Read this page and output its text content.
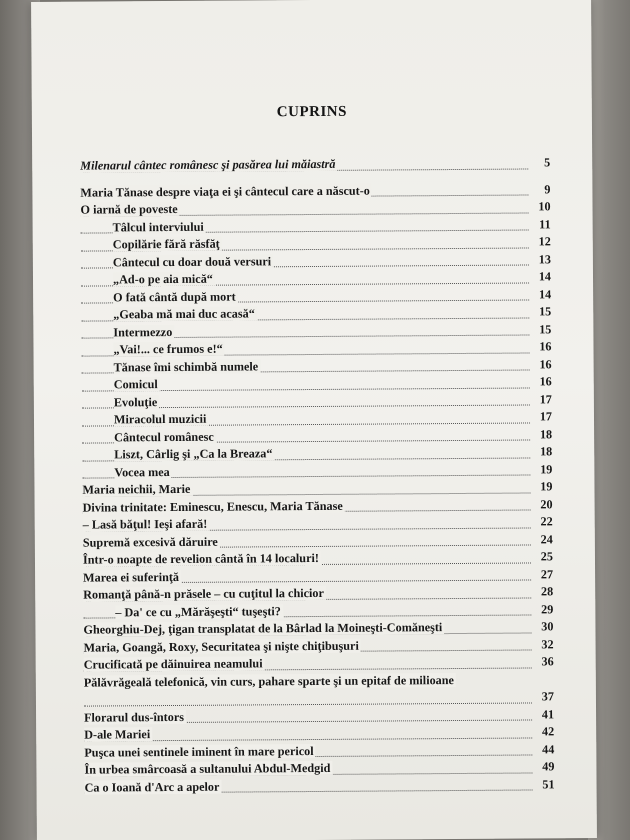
CUPRINS
Milenarul cântec românesc şi pasărea lui măiastră	5
Maria Tănase despre viaţa ei şi cântecul care a născut-o	9
O iarnă de poveste	10
Tâlcul interviului	11
Copilărie fără răsfăţ	12
Cântecul cu doar două versuri	13
„Ad-o pe aia mică“	14
O fată cântă după mort	14
„Geaba mă mai duc acasă“	15
Intermezzo	15
„Vai!... ce frumos e!“	16
Tănase îmi schimbă numele	16
Comicul	16
Evoluţie	17
Miracolul muzicii	17
Cântecul românesc	18
Liszt, Cârlig şi „Ca la Breaza“	18
Vocea mea	19
Maria neichii, Marie	19
Divina trinitate: Eminescu, Enescu, Maria Tănase	20
– Lasă băţul! Ieşi afară!	22
Supremă excesivă dăruire	24
Într-o noapte de revelion cântă în 14 localuri!	25
Marea ei suferinţă	27
Romanţă până-n prăsele – cu cuţitul la chicior	28
– Da' ce cu „Mărăşeşti“ tuşeşti?	29
Gheorghiu-Dej, ţigan transplatat de la Bârlad la Moineşti-Comăneşti	30
Maria, Goangă, Roxy, Securitatea şi nişte chiţibuşuri	32
Crucificată pe dăinuirea neamului	36
Pălăvrăgeală telefonică, vin curs, pahare sparte şi un epitaf de milioane
37
Florarul dus-întors	41
D-ale Mariei	42
Puşca unei sentinele iminent în mare pericol	44
În urbea smârcoasă a sultanului Abdul-Medgid	49
Ca o Ioană d'Arc a apelor	51
